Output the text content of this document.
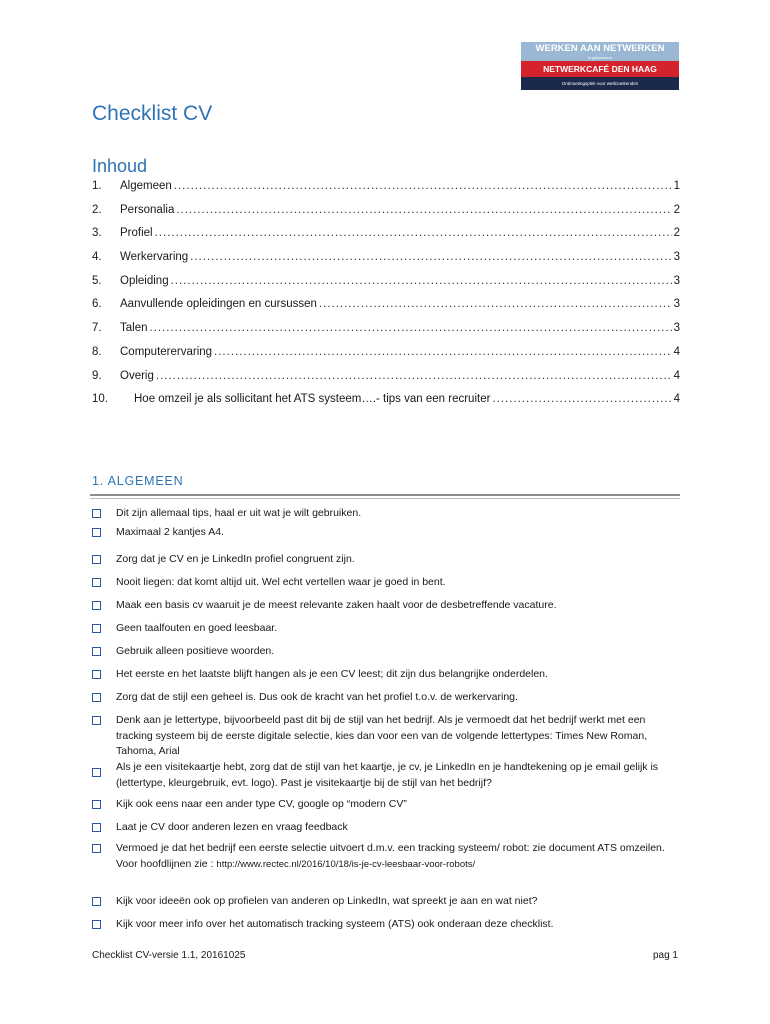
WERKEN AAN NETWERKEN
is gelanceerd
NETWERKCAFÉ DEN HAAG
Ontmoetingsplek voor werkzoekenden
Checklist CV
Inhoud
1.	Algemeen .....	1
2.	Personalia .....	2
3.	Profiel .....	2
4.	Werkervaring .....	3
5.	Opleiding .....	3
6.	Aanvullende opleidingen en cursussen .....	3
7.	Talen .....	3
8.	Computerervaring .....	4
9.	Overig .....	4
10.	Hoe omzeil je als sollicitant het ATS systeem….- tips van een recruiter .....	4
1. ALGEMEEN
Dit zijn allemaal tips, haal er uit wat je wilt gebruiken.
Maximaal 2 kantjes A4.
Zorg dat je CV en je LinkedIn profiel congruent zijn.
Nooit liegen: dat komt altijd uit. Wel echt vertellen waar je goed in bent.
Maak een basis cv waaruit je de meest relevante zaken haalt voor de desbetreffende vacature.
Geen taalfouten en goed leesbaar.
Gebruik alleen positieve woorden.
Het eerste en het laatste blijft hangen als je een CV leest; dit zijn dus belangrijke onderdelen.
Zorg dat de stijl een geheel is. Dus ook de kracht van het profiel t.o.v. de werkervaring.
Denk aan je lettertype, bijvoorbeeld past dit bij de stijl van het bedrijf. Als je vermoedt dat het bedrijf werkt met een tracking systeem bij de eerste digitale selectie, kies dan voor een van de volgende lettertypes: Times New Roman, Tahoma, Arial
Als je een visitekaartje hebt, zorg dat de stijl van het kaartje, je cv, je LinkedIn en je handtekening op je email gelijk is (lettertype, kleurgebruik, evt. logo). Past je visitekaartje bij de stijl van het bedrijf?
Kijk ook eens naar een ander type CV, google op “modern CV”
Laat je CV door anderen lezen en vraag feedback
Vermoed je dat het bedrijf een eerste selectie uitvoert d.m.v. een tracking systeem/ robot: zie document ATS omzeilen. Voor hoofdlijnen zie : http://www.rectec.nl/2016/10/18/is-je-cv-leesbaar-voor-robots/
Kijk voor ideeën ook op profielen van anderen op LinkedIn, wat spreekt je aan en wat niet?
Kijk voor meer info over het automatisch tracking systeem (ATS) ook onderaan deze checklist.
Checklist CV-versie 1.1, 20161025	pag 1
